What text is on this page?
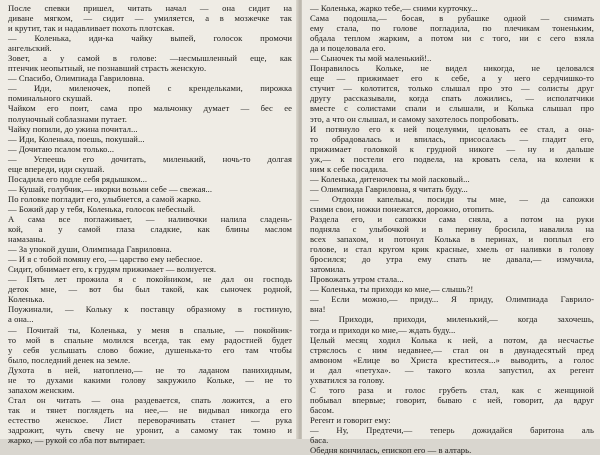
После спевки пришел, читать начал — она сидит на
диване мягком, — сидит — умиляется, а в мозжечке так
и крутит, так и надавливает похоть плотская.
— Коленька, иди-ка чайку выпей, голосок промочи
ангельский.
Зовет, а у самой в голове: —несмышленный еще, как
птенчик неопытный, не познавший страсть женскую.
— Спасибо, Олимпиада Гавриловна.
— Иди, миленочек, попей с крендельками, пирожка
поминального скушай.
Чайком его поит, сама про мальчонку думает — бес ее
полуночный соблазнами путает.
Чайку попили, до ужина почитал...
— Иди, Коленька, поешь, покушай...
— Дочитаю псалом только...
— Успеешь его дочитать, миленький, ночь-то долгая
еще впереди, иди скушай.
Посадила его подле себя рядышком...
— Кушай, голубчик,— икорки возьми себе — свежая...
По головке погладит его, улыбнется, а самой жарко.
— Божий дар у тебя, Коленька, голосок небесный.
А сама все поглаживает, — наливочки налила сладень-
кой, а у самой глаза сладкие, как блины маслом
намазаны.
— За упокой души, Олимпиада Гавриловна.
— И я с тобой помяну его, — царство ему небесное.
Сидит, обнимает его, к грудям прижимает — волнуется.
— Пять лет прожила я с покойником, не дал он господь
деток мне, — вот бы был такой, как сыночек родной,
Коленька.
Поужинали, — Кольку к поставцу образному в гостиную,
а она...
— Почитай ты, Коленька, у меня в спальне, — покойник-
то мой в спальне молился всегда, так ему радостней будет
у себя услышать слово божие, душенька-то его там чтобы
было, последний денек на земле.
Духота в ней, натоплено,— не то ладаном панихидным,
не то духами какими голову закружило Кольке, — не то
запахом женским.
Стал он читать — она раздевается, спать ложится, а его
так и тянет поглядеть на нее,— не видывал никогда его
естество женское. Лист переворачивать станет — рука
задрожит, чуть свечу не уронит, а самому так томно и
жарко, — рукой со лба пот вытирает.
— Коленька, жарко тебе,— сними курточку...
Сама подошла,— босая, в рубашке одной — снимать
ему стала, по голове погладила, по плечикам тоненьким,
обдала теплом жарким, а потом ни с того, ни с сего взяла
да и поцеловала его.
— Сыночек ты мой маленький!..
Понравилось Кольке, не видел никогда, не целовался
еще — прижимает его к себе, а у него сердчишко-то
стучит — колотится, только слышал про это — солисты друг
другу рассказывали, когда спать ложились, — исполатчики
вместе с солистами спали и слышали, и Колька слышал про
это, а что он слышал, и самому захотелось попробовать.
И потянуло его к ней поцелуями, целовать ее стал, а она-
то обрадовалась и впилась, присосалась — гладит его,
прижимает головкой к грудной никоге — ну и дальше
уж,— к постели его подвела, на кровать села, на колени к
ним к себе посадила.
— Коленька, дитеночек ты мой ласковый...
— Олимпиада Гавриловна, я читать буду...
— Отдохни капелькы, посиди ты мне, — да сапожки
сними свои, ножки понежатся, дорожно, отопить.
Раздела его, и сапожки сама сняла, а потом на руки
подняла с улыбочкой и в перину бросила, навалила на
всех запахом, и потонул Колька в перинах, и поплыл его
голове, и стал кругом крик красные, хмель от наливки в голову
бросился; до утра ему спать не давала,— измучила,
затомила.
Провожать утром стала...
— Коленька, ты приходи ко мне,— слышь?!
— Если можно,— приду... Я приду, Олимпиада Гаврило-
вна!
— Приходи, приходи, миленький,— когда захочешь,
тогда и приходи ко мне,— ждать буду...
Целый месяц ходил Колька к ней, а потом, да несчастье
стряслось с ним недавнее,— стал он в двунадесятый пред
амвоном «Елице во Христа креститеся...» выводить, а голос
и дал «петуха». — такого козла запустил, ах регент
ухватился за голову.
С того раза и голос грубеть стал, как с женщиной
побывал впервые; говорит, бываю с ней, говорит, да вдруг
басом.
Регент и говорит ему:
— Ну, Предтечи,— теперь дожидайся баритона аль
баса.
Обедня кончилась, епископ его — в алтарь.
